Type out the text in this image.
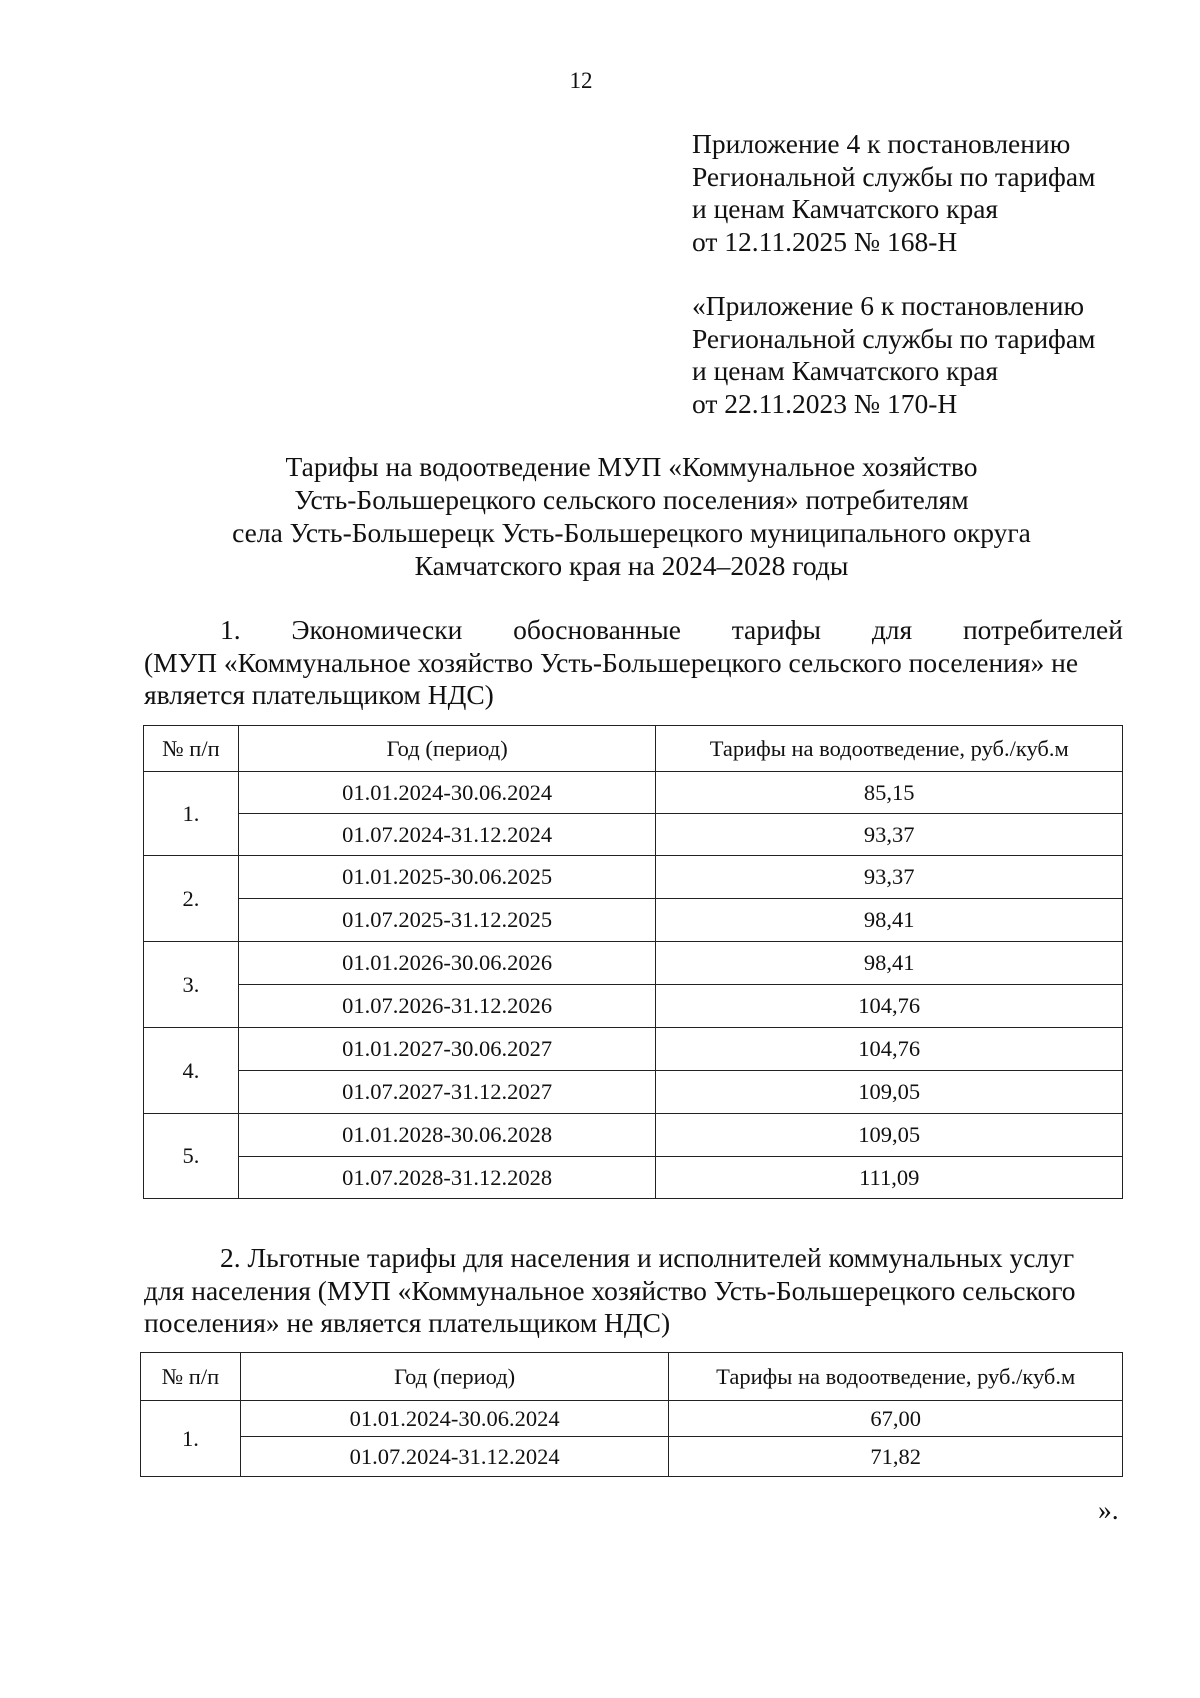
12
Приложение 4 к постановлению
Региональной службы по тарифам
и ценам Камчатского края
от 12.11.2025 № 168-Н
«Приложение 6 к постановлению
Региональной службы по тарифам
и ценам Камчатского края
от 22.11.2023 № 170-Н
Тарифы на водоотведение МУП «Коммунальное хозяйство
Усть-Большерецкого сельского поселения» потребителям
села Усть-Большерецк Усть-Большерецкого муниципального округа
Камчатского края на 2024–2028 годы
1. Экономически обоснованные тарифы для потребителей
(МУП «Коммунальное хозяйство Усть-Большерецкого сельского поселения» не
является плательщиком НДС)
№ п/п	Год (период)	Тарифы на водоотведение, руб./куб.м
1.	01.01.2024-30.06.2024	85,15
	01.07.2024-31.12.2024	93,37
2.	01.01.2025-30.06.2025	93,37
	01.07.2025-31.12.2025	98,41
3.	01.01.2026-30.06.2026	98,41
	01.07.2026-31.12.2026	104,76
4.	01.01.2027-30.06.2027	104,76
	01.07.2027-31.12.2027	109,05
5.	01.01.2028-30.06.2028	109,05
	01.07.2028-31.12.2028	111,09
2. Льготные тарифы для населения и исполнителей коммунальных услуг
для населения (МУП «Коммунальное хозяйство Усть-Большерецкого сельского
поселения» не является плательщиком НДС)
№ п/п	Год (период)	Тарифы на водоотведение, руб./куб.м
1.	01.01.2024-30.06.2024	67,00
	01.07.2024-31.12.2024	71,82
».
